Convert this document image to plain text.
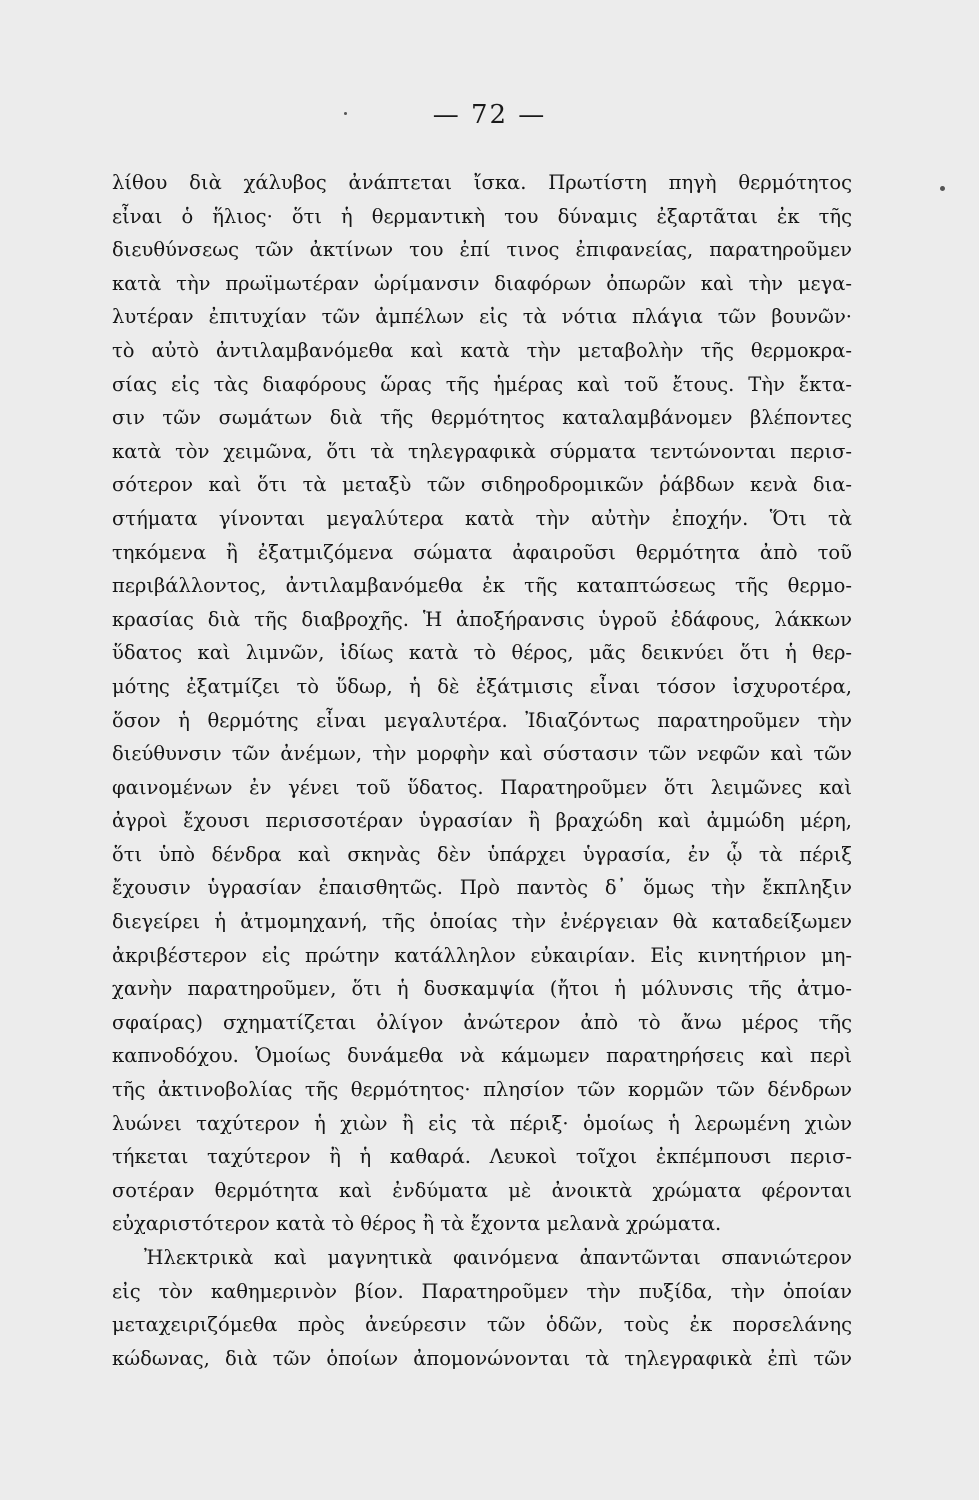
— 72 —
λίθου διὰ χάλυβος ἀνάπτεται ἴσκα. Πρωτίστη πηγὴ θερμότητος
εἶναι ὁ ἥλιος· ὅτι ἡ θερμαντικὴ του δύναμις ἐξαρτᾶται ἐκ τῆς
διευθύνσεως τῶν ἀκτίνων του ἐπί τινος ἐπιφανείας, παρατηροῦμεν
κατὰ τὴν πρωϊμωτέραν ὡρίμανσιν διαφόρων ὀπωρῶν καὶ τὴν μεγα-
λυτέραν ἐπιτυχίαν τῶν ἀμπέλων εἰς τὰ νότια πλάγια τῶν βουνῶν·
τὸ αὐτὸ ἀντιλαμβανόμεθα καὶ κατὰ τὴν μεταβολὴν τῆς θερμοκρα-
σίας εἰς τὰς διαφόρους ὥρας τῆς ἡμέρας καὶ τοῦ ἔτους. Τὴν ἔκτα-
σιν τῶν σωμάτων διὰ τῆς θερμότητος καταλαμβάνομεν βλέποντες
κατὰ τὸν χειμῶνα, ὅτι τὰ τηλεγραφικὰ σύρματα τεντώνονται περισ-
σότερον καὶ ὅτι τὰ μεταξὺ τῶν σιδηροδρομικῶν ῥάβδων κενὰ δια-
στήματα γίνονται μεγαλύτερα κατὰ τὴν αὐτὴν ἐποχήν. Ὅτι τὰ
τηκόμενα ἢ ἐξατμιζόμενα σώματα ἀφαιροῦσι θερμότητα ἀπὸ τοῦ
περιβάλλοντος, ἀντιλαμβανόμεθα ἐκ τῆς καταπτώσεως τῆς θερμο-
κρασίας διὰ τῆς διαβροχῆς. Ἡ ἀποξήρανσις ὑγροῦ ἐδάφους, λάκκων
ὕδατος καὶ λιμνῶν, ἰδίως κατὰ τὸ θέρος, μᾶς δεικνύει ὅτι ἡ θερ-
μότης ἐξατμίζει τὸ ὕδωρ, ἡ δὲ ἐξάτμισις εἶναι τόσον ἰσχυροτέρα,
ὅσον ἡ θερμότης εἶναι μεγαλυτέρα. Ἰδιαζόντως παρατηροῦμεν τὴν
διεύθυνσιν τῶν ἀνέμων, τὴν μορφὴν καὶ σύστασιν τῶν νεφῶν καὶ τῶν
φαινομένων ἐν γένει τοῦ ὕδατος. Παρατηροῦμεν ὅτι λειμῶνες καὶ
ἀγροὶ ἔχουσι περισσοτέραν ὑγρασίαν ἢ βραχώδη καὶ ἀμμώδη μέρη,
ὅτι ὑπὸ δένδρα καὶ σκηνὰς δὲν ὑπάρχει ὑγρασία, ἐν ᾧ τὰ πέριξ
ἔχουσιν ὑγρασίαν ἐπαισθητῶς. Πρὸ παντὸς δ᾽ ὅμως τὴν ἔκπληξιν
διεγείρει ἡ ἀτμομηχανή, τῆς ὁποίας τὴν ἐνέργειαν θὰ καταδείξωμεν
ἀκριβέστερον εἰς πρώτην κατάλληλον εὐκαιρίαν. Εἰς κινητήριον μη-
χανὴν παρατηροῦμεν, ὅτι ἡ δυσκαμψία (ἤτοι ἡ μόλυνσις τῆς ἀτμο-
σφαίρας) σχηματίζεται ὀλίγον ἀνώτερον ἀπὸ τὸ ἄνω μέρος τῆς
καπνοδόχου. Ὁμοίως δυνάμεθα νὰ κάμωμεν παρατηρήσεις καὶ περὶ
τῆς ἀκτινοβολίας τῆς θερμότητος· πλησίον τῶν κορμῶν τῶν δένδρων
λυώνει ταχύτερον ἡ χιὼν ἢ εἰς τὰ πέριξ· ὁμοίως ἡ λερωμένη χιὼν
τήκεται ταχύτερον ἢ ἡ καθαρά. Λευκοὶ τοῖχοι ἐκπέμπουσι περισ-
σοτέραν θερμότητα καὶ ἐνδύματα μὲ ἀνοικτὰ χρώματα φέρονται
εὐχαριστότερον κατὰ τὸ θέρος ἢ τὰ ἔχοντα μελανὰ χρώματα.
Ἠλεκτρικὰ καὶ μαγνητικὰ φαινόμενα ἀπαντῶνται σπανιώτερον
εἰς τὸν καθημερινὸν βίον. Παρατηροῦμεν τὴν πυξίδα, τὴν ὁποίαν
μεταχειριζόμεθα πρὸς ἀνεύρεσιν τῶν ὁδῶν, τοὺς ἐκ πορσελάνης
κώδωνας, διὰ τῶν ὁποίων ἀπομονώνονται τὰ τηλεγραφικὰ ἐπὶ τῶν
